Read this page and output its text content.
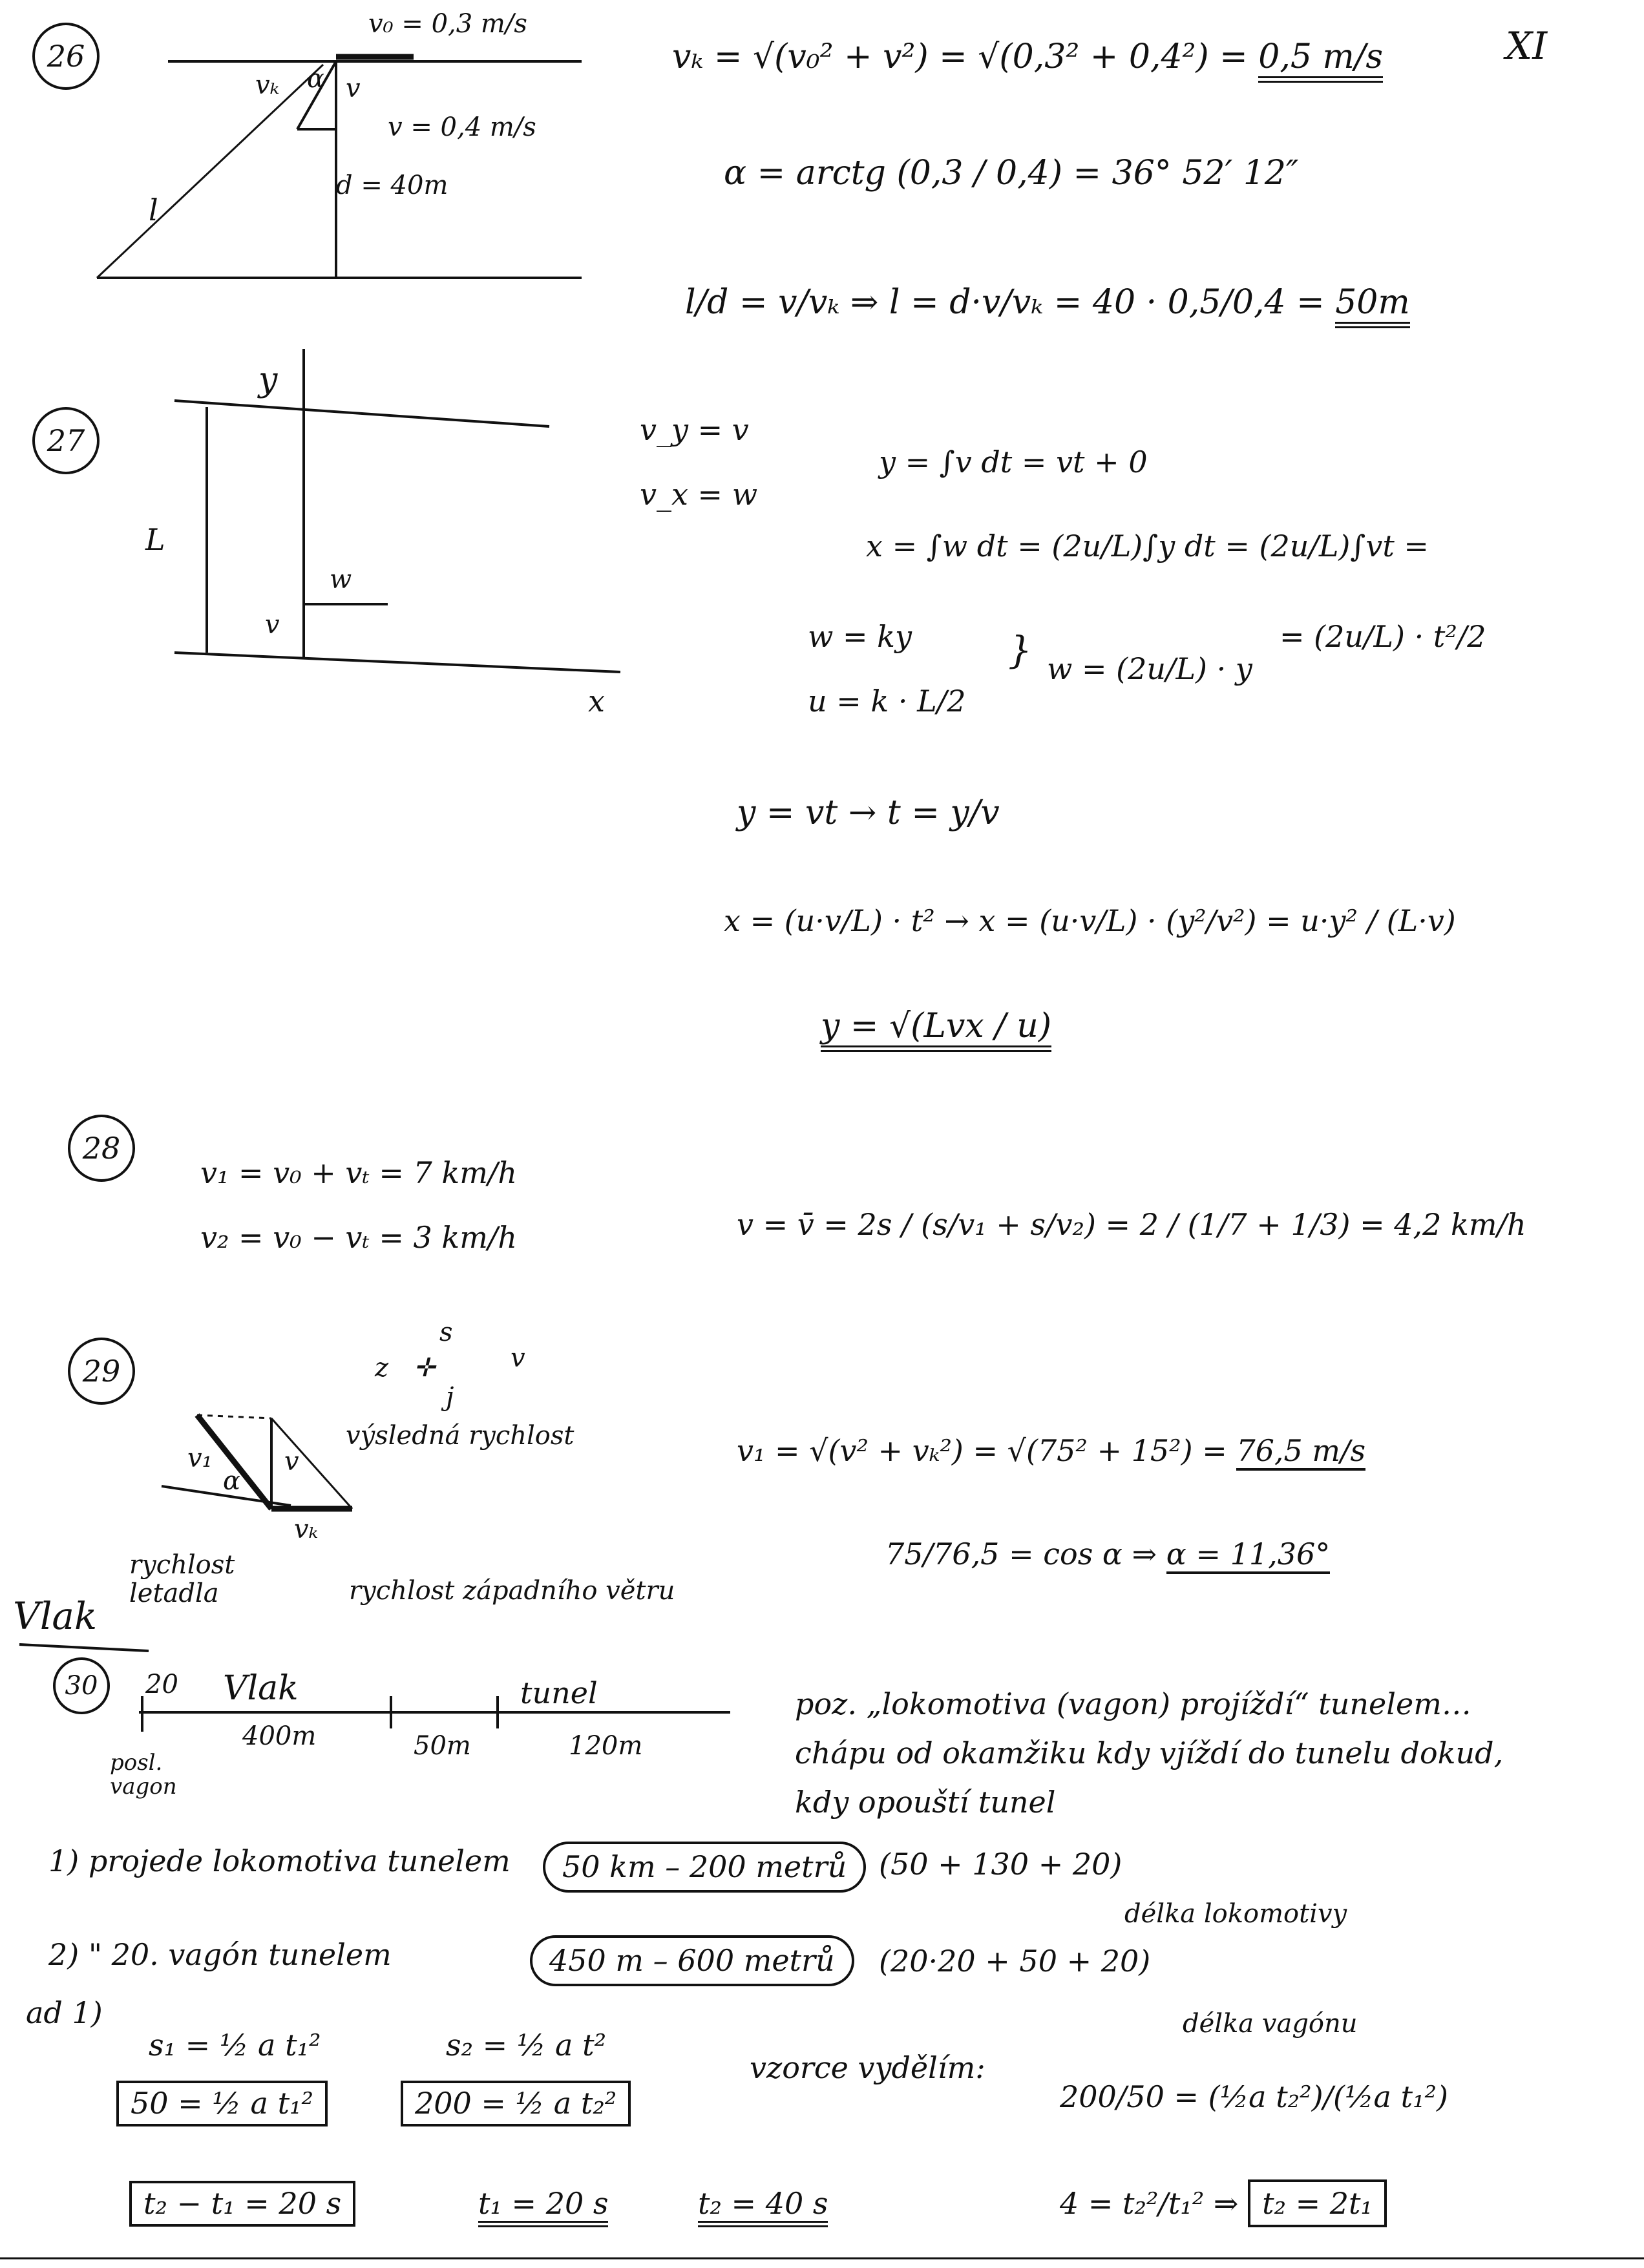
XI
26
v₀ = 0,3 m/s
vₖ α v
v = 0,4 m/s
d = 40m
l
vₖ = √(v₀² + v²) = √(0,3² + 0,4²) = 0,5 m/s
α = arctg (0,3 / 0,4) = 36° 52′ 12″
l/d = v/vₖ ⇒ l = d·v/vₖ = 40 · 0,5/0,4 = 50m
27
y
x
L
v
w
v_y = v
v_x = w
y = ∫v dt = vt + 0
x = ∫w dt = (2u/L)∫y dt = (2u/L)∫vt =
w = ky
u = k · L/2
} w = (2u/L) · y
= (2u/L) · t²/2
y = vt → t = y/v
x = (u·v/L) · t² → x = (u·v/L) · (y²/v²) = u·y² / (L·v)
y = √(Lvx / u)
28
v₁ = v₀ + vₜ = 7 km/h
v₂ = v₀ − vₜ = 3 km/h	v = v̄ = 2s / (s/v₁ + s/v₂) = 2 / (1/7 + 1/3) = 4,2 km/h
29
s
j
z	v
✛
výsledná rychlost
v₁	v
vₖ
α
rychlost letadla	rychlost západního větru
v₁ = √(v² + vₖ²) = √(75² + 15²) = 76,5 m/s
75/76,5 = cos α ⇒ α = 11,36°
Vlak
30	20
posl. vagon
Vlak	tunel
400m	50m	120m
poz. „lokomotiva (vagon) projíždí“ tunelem… chápu od okamžiku kdy vjíždí do tunelu dokud, kdy opouští tunel
1) projede lokomotiva tunelem	50 km – 200 metrů	(50 + 130 + 20)
délka lokomotivy
2) " 20. vagón tunelem	450 m – 600 metrů	(20·20 + 50 + 20)
délka vagónu
ad 1)
s₁ = ½ a t₁²	s₂ = ½ a t²
50 = ½ a t₁²	200 = ½ a t₂²
t₂ − t₁ = 20 s	t₁ = 20 s	t₂ = 40 s
vzorce vydělím:
200/50 = (½a t₂²)/(½a t₁²)
4 = t₂²/t₁² ⇒ t₂ = 2t₁
